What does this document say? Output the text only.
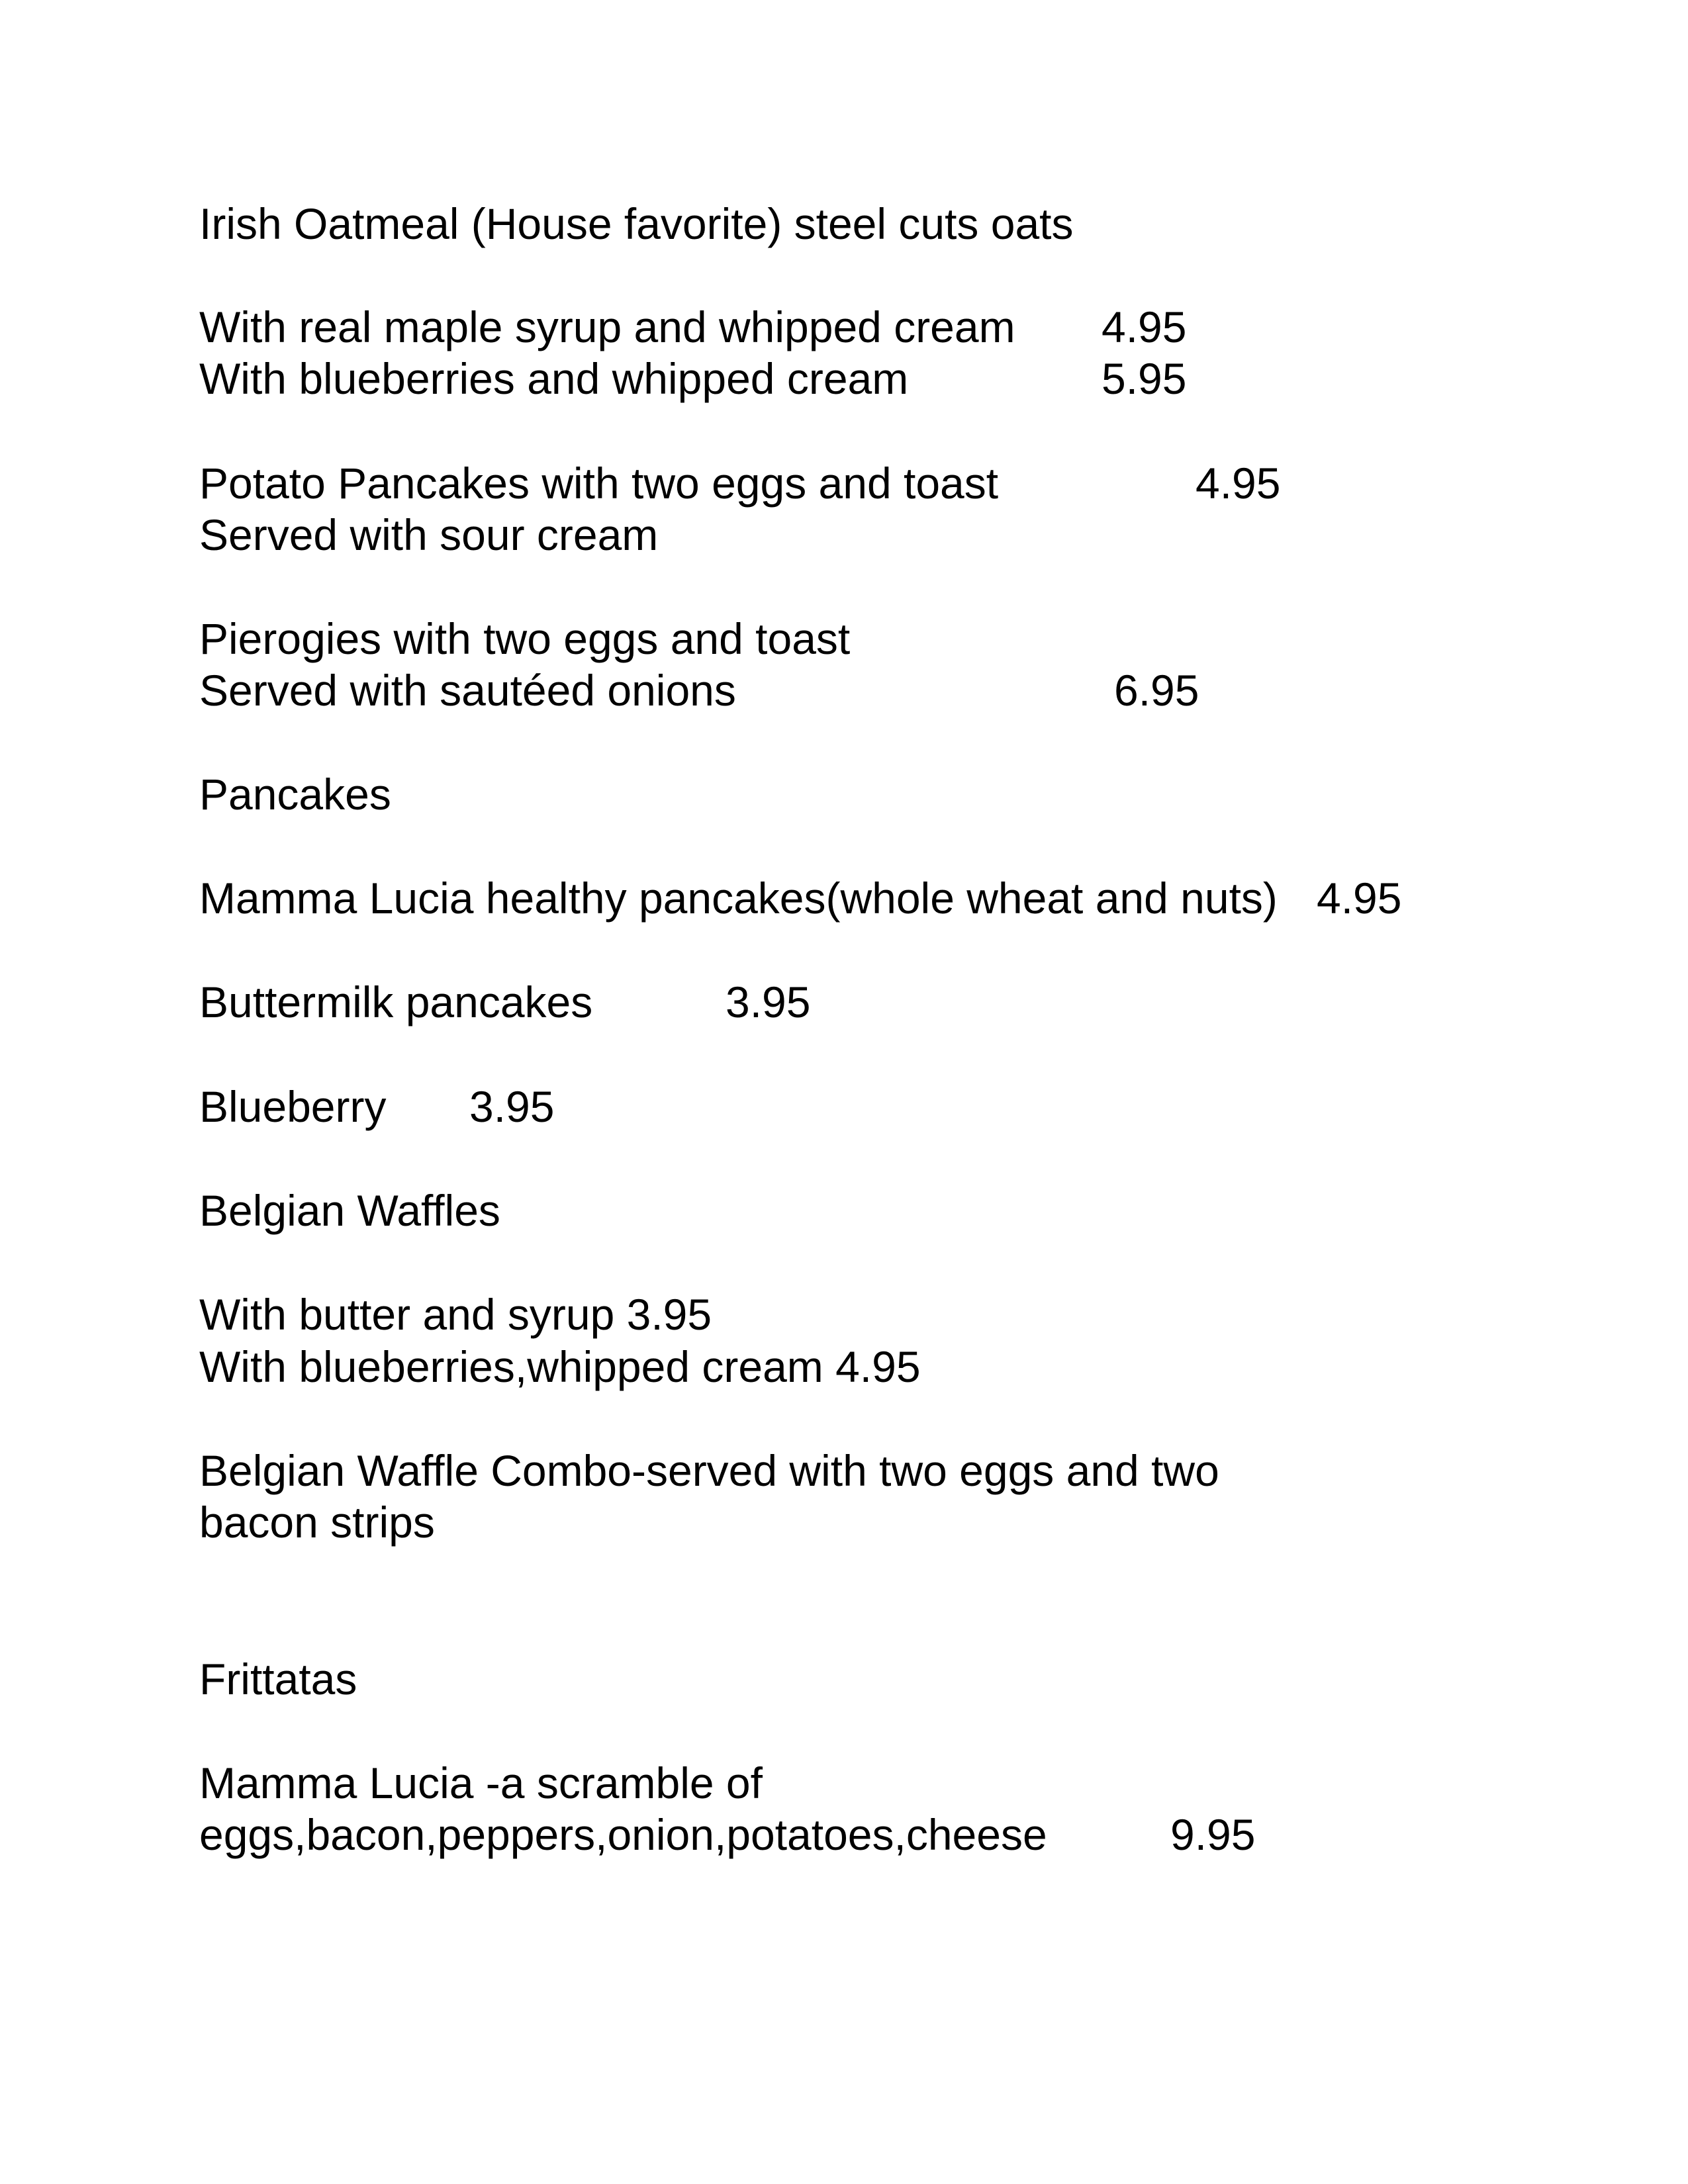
Irish Oatmeal (House favorite) steel cuts oats
With real maple syrup and whipped cream 4.95
With blueberries and whipped cream	5.95
Potato Pancakes with two eggs and toast	4.95
Served with sour cream
Pierogies with two eggs and toast
Served with sautéed onions	6.95
Pancakes
Mamma Lucia healthy pancakes(whole wheat and nuts) 4.95
Buttermilk pancakes	3.95
Blueberry 3.95
Belgian Waffles
With butter and syrup 3.95
With blueberries,whipped cream 4.95
Belgian Waffle Combo-served with two eggs and two
bacon strips
Frittatas
Mamma Lucia -a scramble of
eggs,bacon,peppers,onion,potatoes,cheese	9.95
